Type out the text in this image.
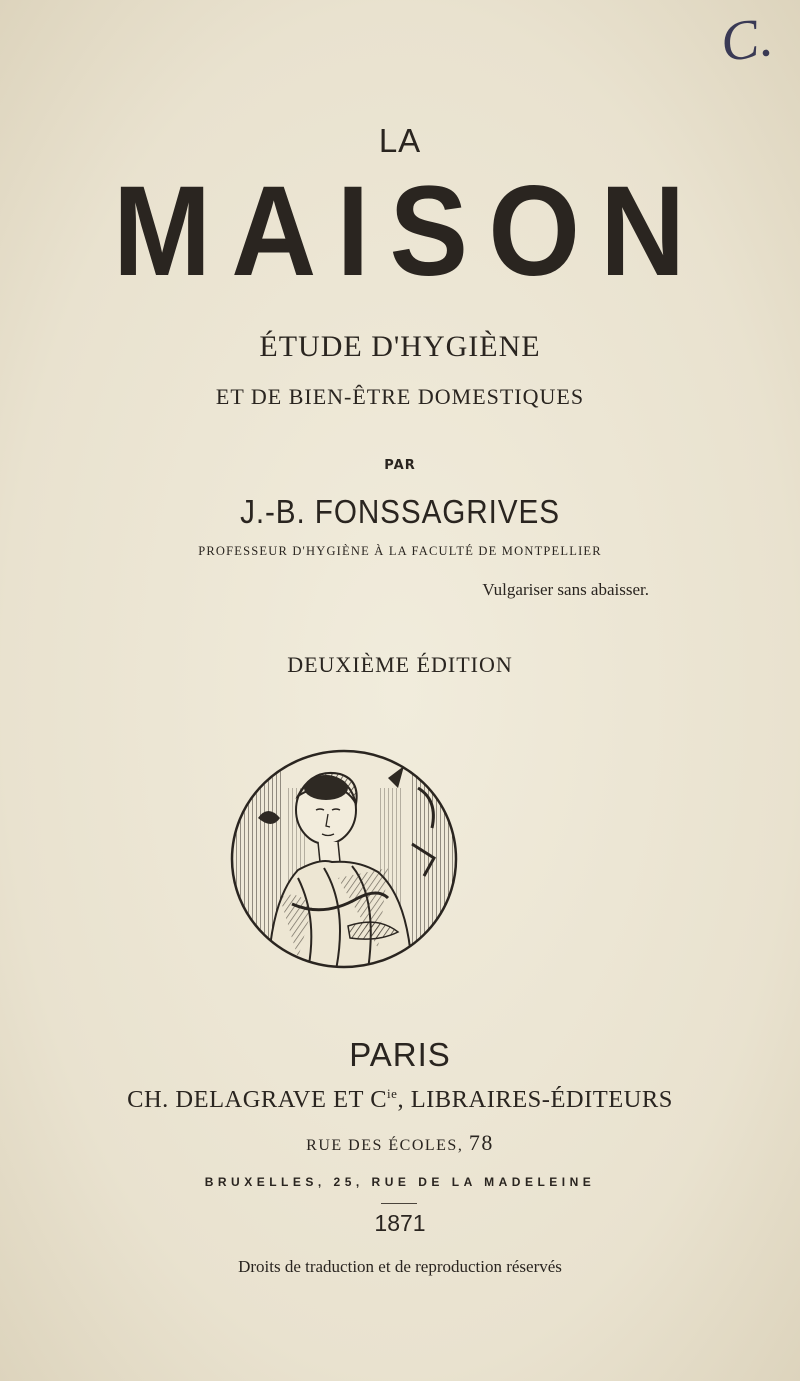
C.
LA
MAISON
ÉTUDE D'HYGIÈNE
ET DE BIEN-ÊTRE DOMESTIQUES
PAR
J.-B. FONSSAGRIVES
PROFESSEUR D'HYGIÈNE À LA FACULTÉ DE MONTPELLIER
Vulgariser sans abaisser.
DEUXIÈME ÉDITION
PARIS
CH. DELAGRAVE ET $C^{ie}$, LIBRAIRES-ÉDITEURS
RUE DES ÉCOLES, 78
BRUXELLES, 25, RUE DE LA MADELEINE
1871
Droits de traduction et de reproduction réservés
